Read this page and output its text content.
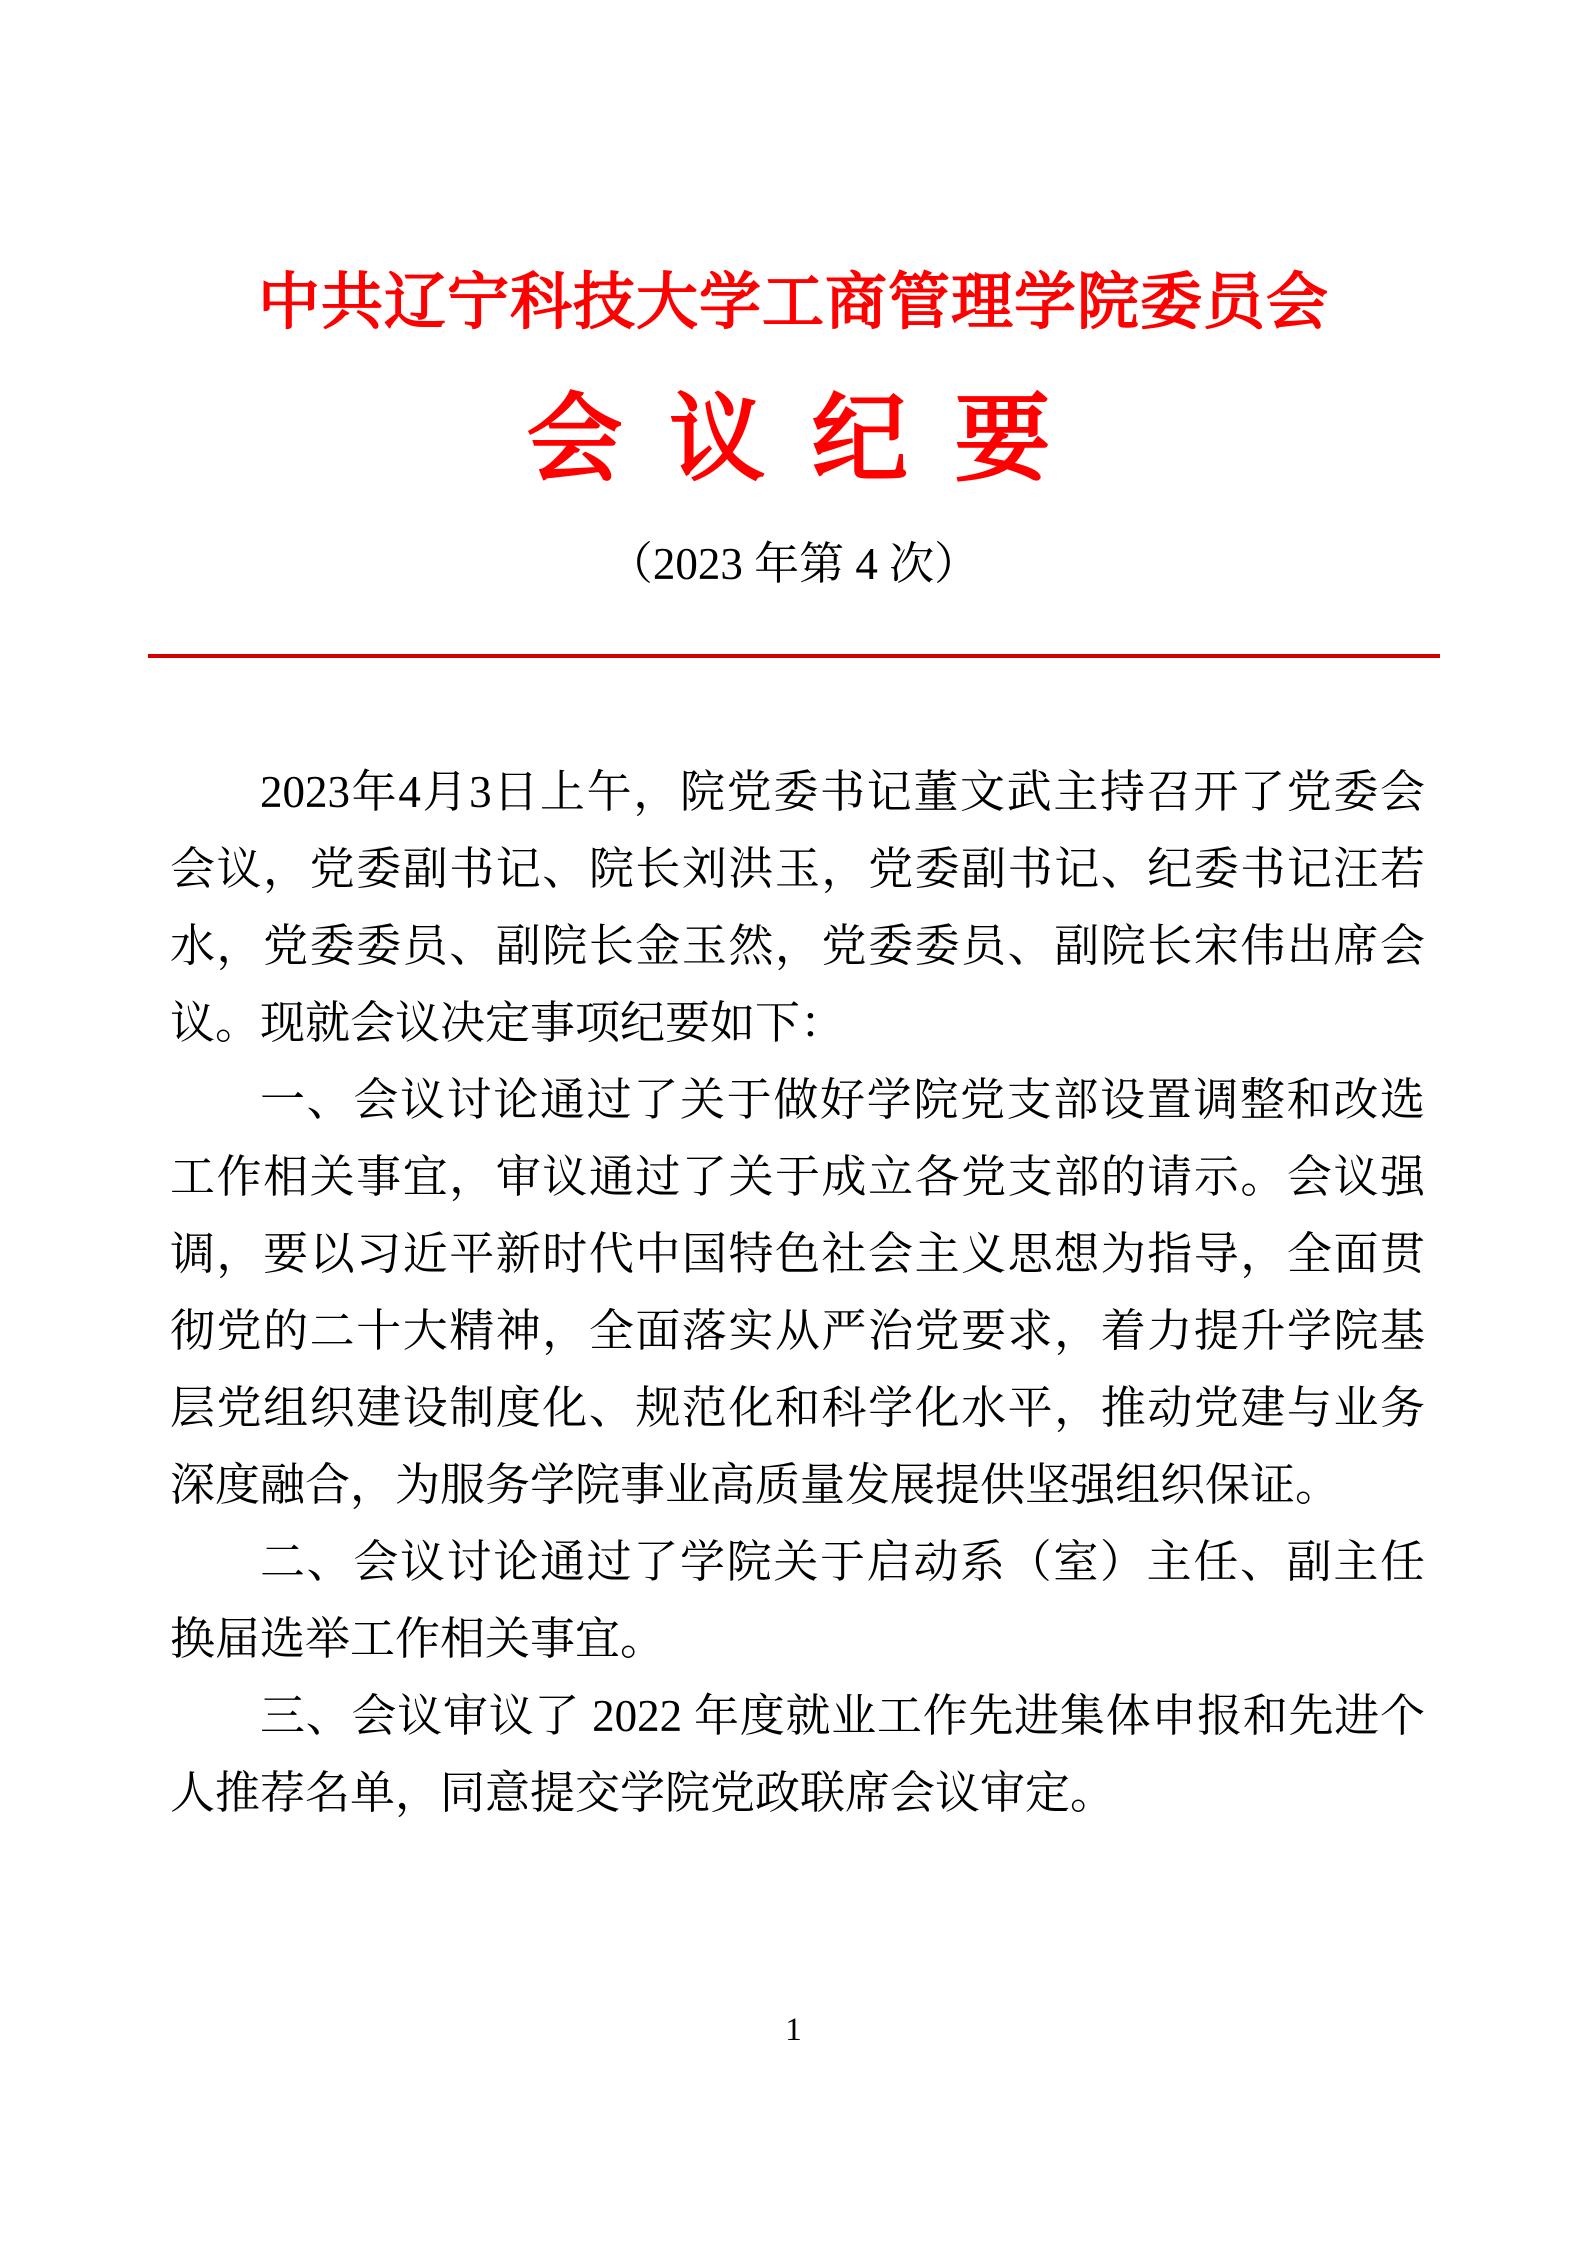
中共辽宁科技大学工商管理学院委员会
会 议 纪 要
（2023 年第 4 次）

2023年4月3日上午，院党委书记董文武主持召开了党委会会议，党委副书记、院长刘洪玉，党委副书记、纪委书记汪若水，党委委员、副院长金玉然，党委委员、副院长宋伟出席会议。现就会议决定事项纪要如下：

一、会议讨论通过了关于做好学院党支部设置调整和改选工作相关事宜，审议通过了关于成立各党支部的请示。会议强调，要以习近平新时代中国特色社会主义思想为指导，全面贯彻党的二十大精神，全面落实从严治党要求，着力提升学院基层党组织建设制度化、规范化和科学化水平，推动党建与业务深度融合，为服务学院事业高质量发展提供坚强组织保证。

二、会议讨论通过了学院关于启动系（室）主任、副主任换届选举工作相关事宜。

三、会议审议了 2022 年度就业工作先进集体申报和先进个人推荐名单，同意提交学院党政联席会议审定。

1
